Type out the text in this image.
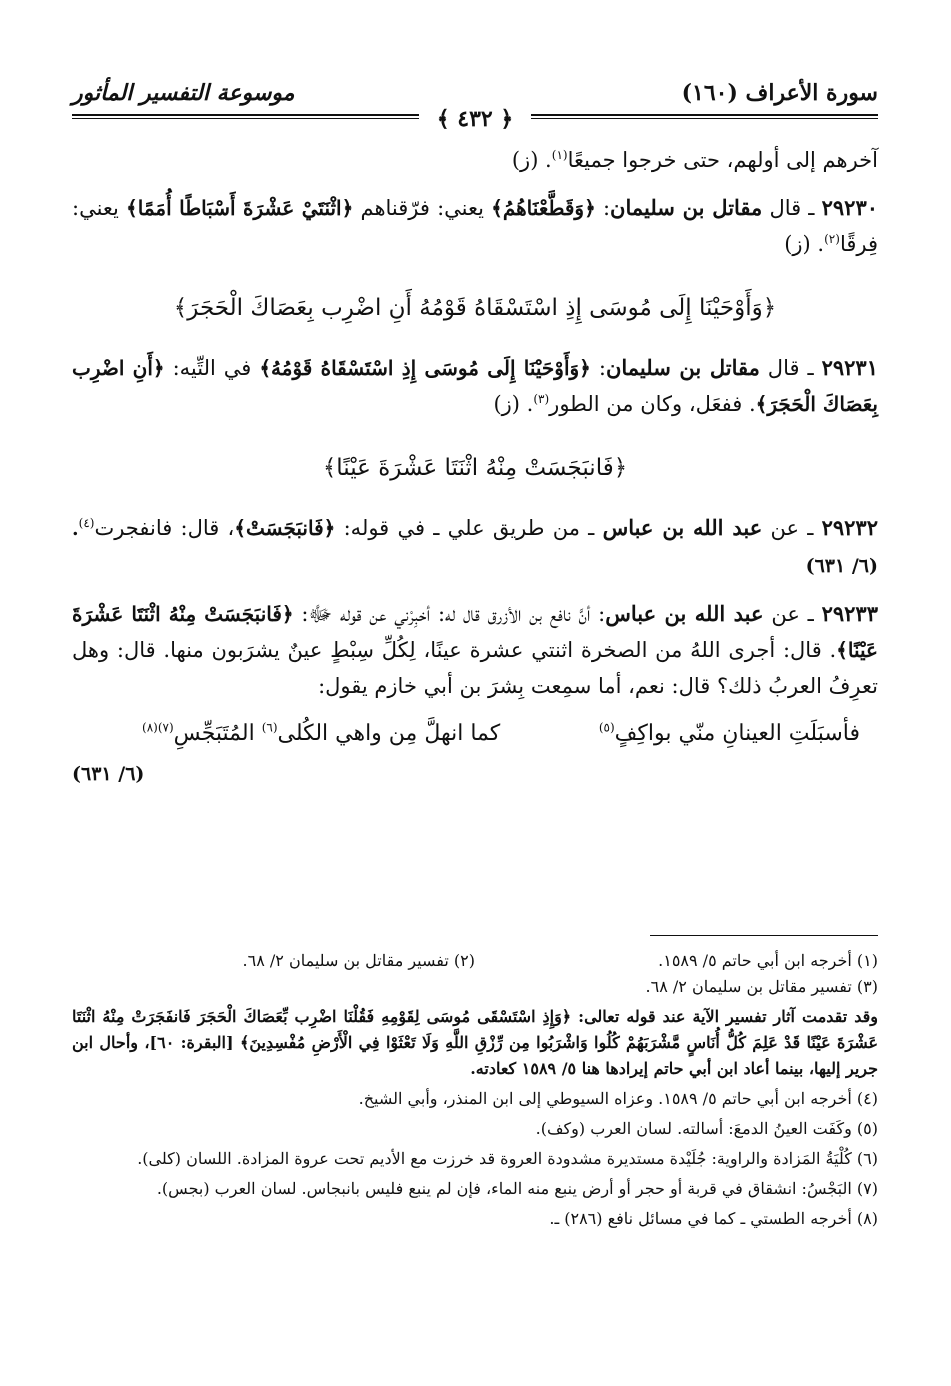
سورة الأعراف (١٦٠)
موسوعة التفسير المأثور
﴿ ٤٣٢ ﴾

آخرهم إلى أولهم، حتى خرجوا جميعًا$^{(١)}$. (ز)

٢٩٢٣٠ ـ قال مقاتل بن سليمان: ﴿وَقَطَّعْنَاهُمُ﴾ يعني: فرّقناهم ﴿اثْنَتَيْ عَشْرَةَ أَسْبَاطًا أُمَمًا﴾ يعني: فِرقًا$^{(٢)}$. (ز)

﴿وَأَوْحَيْنَا إِلَى مُوسَى إِذِ اسْتَسْقَاهُ قَوْمُهُ أَنِ اضْرِب بِعَصَاكَ الْحَجَرَ﴾

٢٩٢٣١ ـ قال مقاتل بن سليمان: ﴿وَأَوْحَيْنَا إِلَى مُوسَى إِذِ اسْتَسْقَاهُ قَوْمُهُ﴾ في التِّيه: ﴿أَنِ اضْرِب بِعَصَاكَ الْحَجَرَ﴾. ففعَل، وكان من الطور$^{(٣)}$. (ز)

﴿فَانبَجَسَتْ مِنْهُ اثْنَتَا عَشْرَةَ عَيْنًا﴾

٢٩٢٣٢ ـ عن عبد الله بن عباس ـ من طريق علي ـ في قوله: ﴿فَانبَجَسَتْ﴾، قال: فانفجرت$^{(٤)}$. (٦/ ٦٣١)

٢٩٢٣٣ ـ عن عبد الله بن عباس: أنَّ نافع بن الأزرق قال له: أخبِرْني عن قوله ﷻ: ﴿فَانبَجَسَتْ مِنْهُ اثْنَتَا عَشْرَةَ عَيْنًا﴾. قال: أجرى اللهُ من الصخرة اثنتي عشرة عينًا، لِكُلِّ سِبْطٍ عينٌ يشرَبون منها. قال: وهل تعرِفُ العربُ ذلك؟ قال: نعم، أما سمِعت بِشرَ بن أبي خازم يقول:

فأسبَلَتِ العينانِ منّي بواكِفٍ$^{(٥)}$
كما انهلَّ مِن واهي الكُلى$^{(٦)}$ المُتَبَجِّسِ$^{(٧)(٨)}$
(٦/ ٦٣١)
(١) أخرجه ابن أبي حاتم ٥/ ١٥٨٩.
(٢) تفسير مقاتل بن سليمان ٢/ ٦٨.

(٣) تفسير مقاتل بن سليمان ٢/ ٦٨.

وقد تقدمت آثار تفسير الآية عند قوله تعالى: ﴿وَإِذِ اسْتَسْقَى مُوسَى لِقَوْمِهِ فَقُلْنَا اضْرِب بِّعَصَاكَ الْحَجَرَ فَانفَجَرَتْ مِنْهُ اثْنَتَا عَشْرَةَ عَيْنًا قَدْ عَلِمَ كُلُّ أُنَاسٍ مَّشْرَبَهُمْ كُلُوا وَاشْرَبُوا مِن رِّزْقِ اللَّهِ وَلَا تَعْثَوْا فِي الْأَرْضِ مُفْسِدِينَ﴾ [البقرة: ٦٠]، وأحال ابن جرير إليها، بينما أعاد ابن أبي حاتم إيرادها هنا ٥/ ١٥٨٩ كعادته.

(٤) أخرجه ابن أبي حاتم ٥/ ١٥٨٩. وعزاه السيوطي إلى ابن المنذر، وأبي الشيخ.

(٥) وكَفَت العينُ الدمعَ: أسالته. لسان العرب (وكف).

(٦) كُلْيَةُ المَزادة والراوية: جُلَيْدة مستديرة مشدودة العروة قد خرزت مع الأديم تحت عروة المزادة. اللسان (كلى).

(٧) البَجْسُ: انشقاق في قربة أو حجر أو أرض ينبع منه الماء، فإن لم ينبع فليس بانبجاس. لسان العرب (بجس).

(٨) أخرجه الطستي ـ كما في مسائل نافع (٢٨٦) ـ.
